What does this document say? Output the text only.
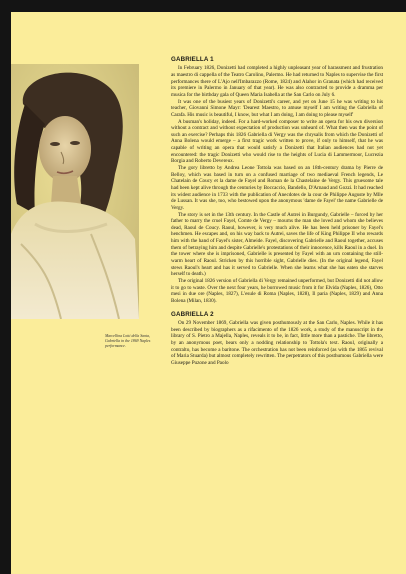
Marcellina Lotti della Santa, Gabriella in the 1869 Naples performance.
GABRIELLA 1

In February 1826, Donizetti had completed a highly unpleasant year of harassment and frustration as maestro di cappella of the Teatro Carolino, Palermo. He had returned to Naples to supervise the first performances there of L'Ajo nell'Imbarazzo (Rome, 1824) and Alahor in Granata (which had received its premiere in Palermo in January of that year). He was also contracted to provide a dramma per musica for the birthday gala of Queen Maria Isabella at the San Carlo on July 6.

It was one of the busiest years of Donizetti's career, and yet on June 15 he was writing to his teacher, Giovanni Simone Mayr: 'Dearest Maestro, to amuse myself I am writing the Gabriella of Carafa. His music is beautiful, I know, but what I am doing, I am doing to please myself'

A busman's holiday, indeed. For a hard-worked composer to write an opera for his own diversion without a contract and without expectation of production was unheard of. What then was the point of such an exercise? Perhaps this 1826 Gabriella di Vergy was the chrysalis from which the Donizetti of Anna Bolena would emerge – a first tragic work written to prove, if only to himself, that he was capable of writing an opera that would satisfy a Donizetti that Italian audiences had not yet encountered: the tragic Donizetti who would rise to the heights of Lucia di Lammermoor, Lucrezia Borgia and Roberto Devereux.

The gory libretto by Andrea Leone Tottola was based on an 18th-century drama by Pierre de Belloy, which was based in turn on a confused marriage of two mediaeval French legends, Le Chatelain de Coucy et la dame de Fayel and Roman de la Chastelaine de Vergy. This gruesome tale had been kept alive through the centuries by Boccaccio, Bandello, D'Arnaud and Gozzi. It had reached its widest audience in 1733 with the publication of Anecdotes de la cour de Philippe Auguste by Mlle de Lussan. It was she, too, who bestowed upon the anonymous 'dame de Fayel' the name Gabrielle de Vergy.

The story is set in the 13th century. In the Castle of Autrei in Burgundy, Gabrielle – forced by her father to marry the cruel Fayel, Comte de Vergy – mourns the man she loved and whom she believes dead, Raoul de Coucy. Raoul, however, is very much alive. He has been held prisoner by Fayel's henchmen. He escapes and, on his way back to Autrei, saves the life of King Philippe II who rewards him with the hand of Fayel's sister, Almeide. Fayel, discovering Gabrielle and Raoul together, accuses them of betraying him and despite Gabrielle's protestations of their innocence, kills Raoul in a duel. In the tower where she is imprisoned, Gabrielle is presented by Fayel with an urn containing the still-warm heart of Raoul. Stricken by this horrible sight, Gabrielle dies. (In the original legend, Fayel stews Raoul's heart and has it served to Gabrielle. When she learns what she has eaten she starves herself to death.)

The original 1826 version of Gabriella di Vergy remained unperformed, but Donizetti did not allow it to go to waste. Over the next four years, he borrowed music from it for Elvida (Naples, 1826), Otto mesi in due ore (Naples, 1827), L'esule di Roma (Naples, 1828), Il paria (Naples, 1829) and Anna Bolena (Milan, 1830).

GABRIELLA 2

On 29 November 1869, Gabriella was given posthumously at the San Carlo, Naples. While it has been described by biographers as a rifacimento of the 1826 work, a study of the manuscript in the library of S. Pietro a Majella, Naples, reveals it to be, in fact, little more than a pastiche. The libretto, by an anonymous poet, bears only a nodding relationship to Tottola's text. Raoul, originally a contralto, has become a baritone. The orchestration has not been reinforced (as with the 1865 revival of Maria Stuarda) but almost completely rewritten. The perpetrators of this posthumous Gabriella were Giuseppe Puzone and Paolo
